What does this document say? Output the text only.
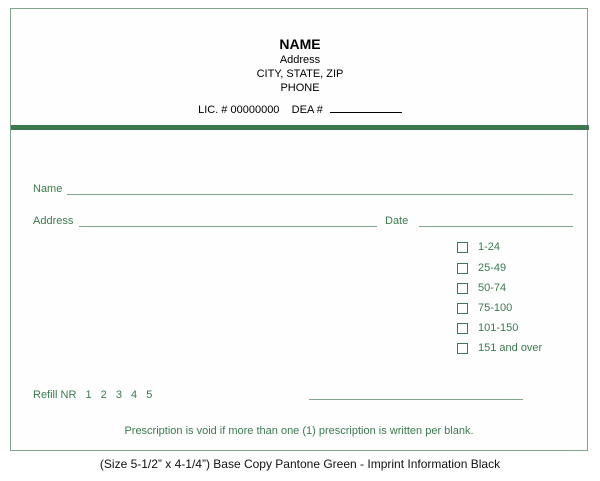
NAME
Address
CITY, STATE, ZIP
PHONE
LIC. # 00000000 DEA #
Name
Address	Date
1-24
25-49
50-74
75-100
101-150
151 and over
Refill NR 1 2 3 4 5
Prescription is void if more than one (1) prescription is written per blank.
(Size 5-1/2” x 4-1/4”) Base Copy Pantone Green - Imprint Information Black
